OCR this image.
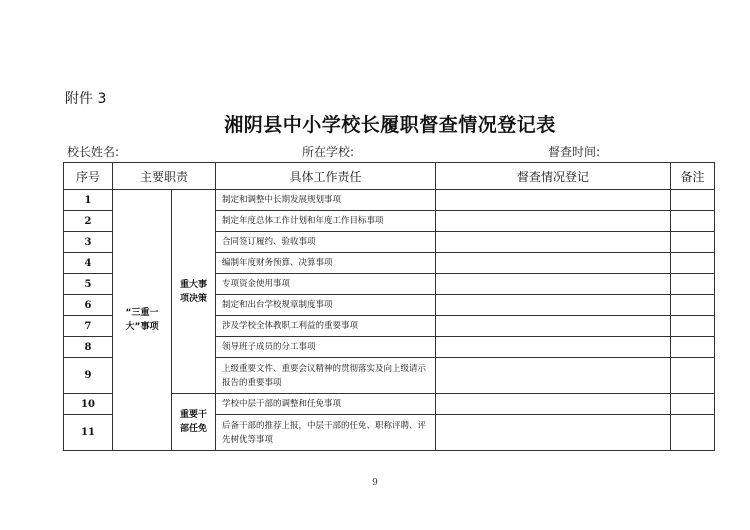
附件 3
湘阴县中小学校长履职督查情况登记表
校长姓名:	所在学校:	督查时间:
序号	主要职责		具体工作责任	督查情况登记	备注
1	“三重一大”事项	重大事项决策	制定和调整中长期发展规划事项		
2			制定年度总体工作计划和年度工作目标事项		
3			合同签订履约、验收事项		
4			编制年度财务预算、决算事项		
5			专项资金使用事项		
6			制定和出台学校规章制度事项		
7			涉及学校全体教职工利益的重要事项		
8			领导班子成员的分工事项		
9			上级重要文件、重要会议精神的贯彻落实及向上级请示报告的重要事项		
10		重要干部任免	学校中层干部的调整和任免事项		
11			后备干部的推荐上报，中层干部的任免、职称评聘、评先树优等事项		
9
